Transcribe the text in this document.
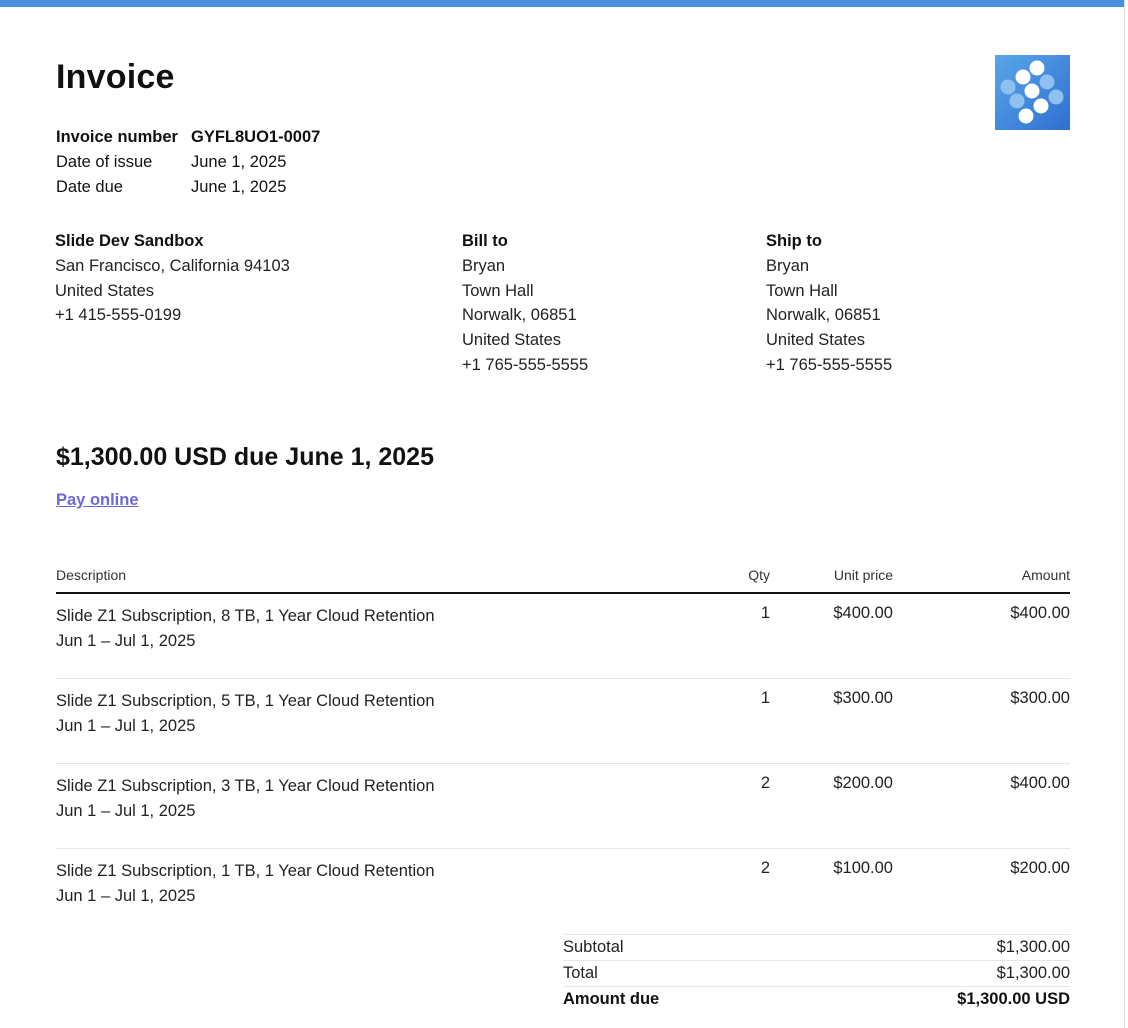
Invoice
Invoice number GYFL8UO1-0007
Date of issue	June 1, 2025
Date due	June 1, 2025
Slide Dev Sandbox
San Francisco, California 94103
United States
+1 415-555-0199
Bill to
Bryan
Town Hall
Norwalk, 06851
United States
+1 765-555-5555
Ship to
Bryan
Town Hall
Norwalk, 06851
United States
+1 765-555-5555
$1,300.00 USD due June 1, 2025
Pay online
Description	Qty	Unit price	Amount
Slide Z1 Subscription, 8 TB, 1 Year Cloud Retention
Jun 1 – Jul 1, 2025
1	$400.00	$400.00
Slide Z1 Subscription, 5 TB, 1 Year Cloud Retention
Jun 1 – Jul 1, 2025
1	$300.00	$300.00
Slide Z1 Subscription, 3 TB, 1 Year Cloud Retention
Jun 1 – Jul 1, 2025
2	$200.00	$400.00
Slide Z1 Subscription, 1 TB, 1 Year Cloud Retention
Jun 1 – Jul 1, 2025
2	$100.00	$200.00
Subtotal	$1,300.00
Total	$1,300.00
Amount due	$1,300.00 USD
